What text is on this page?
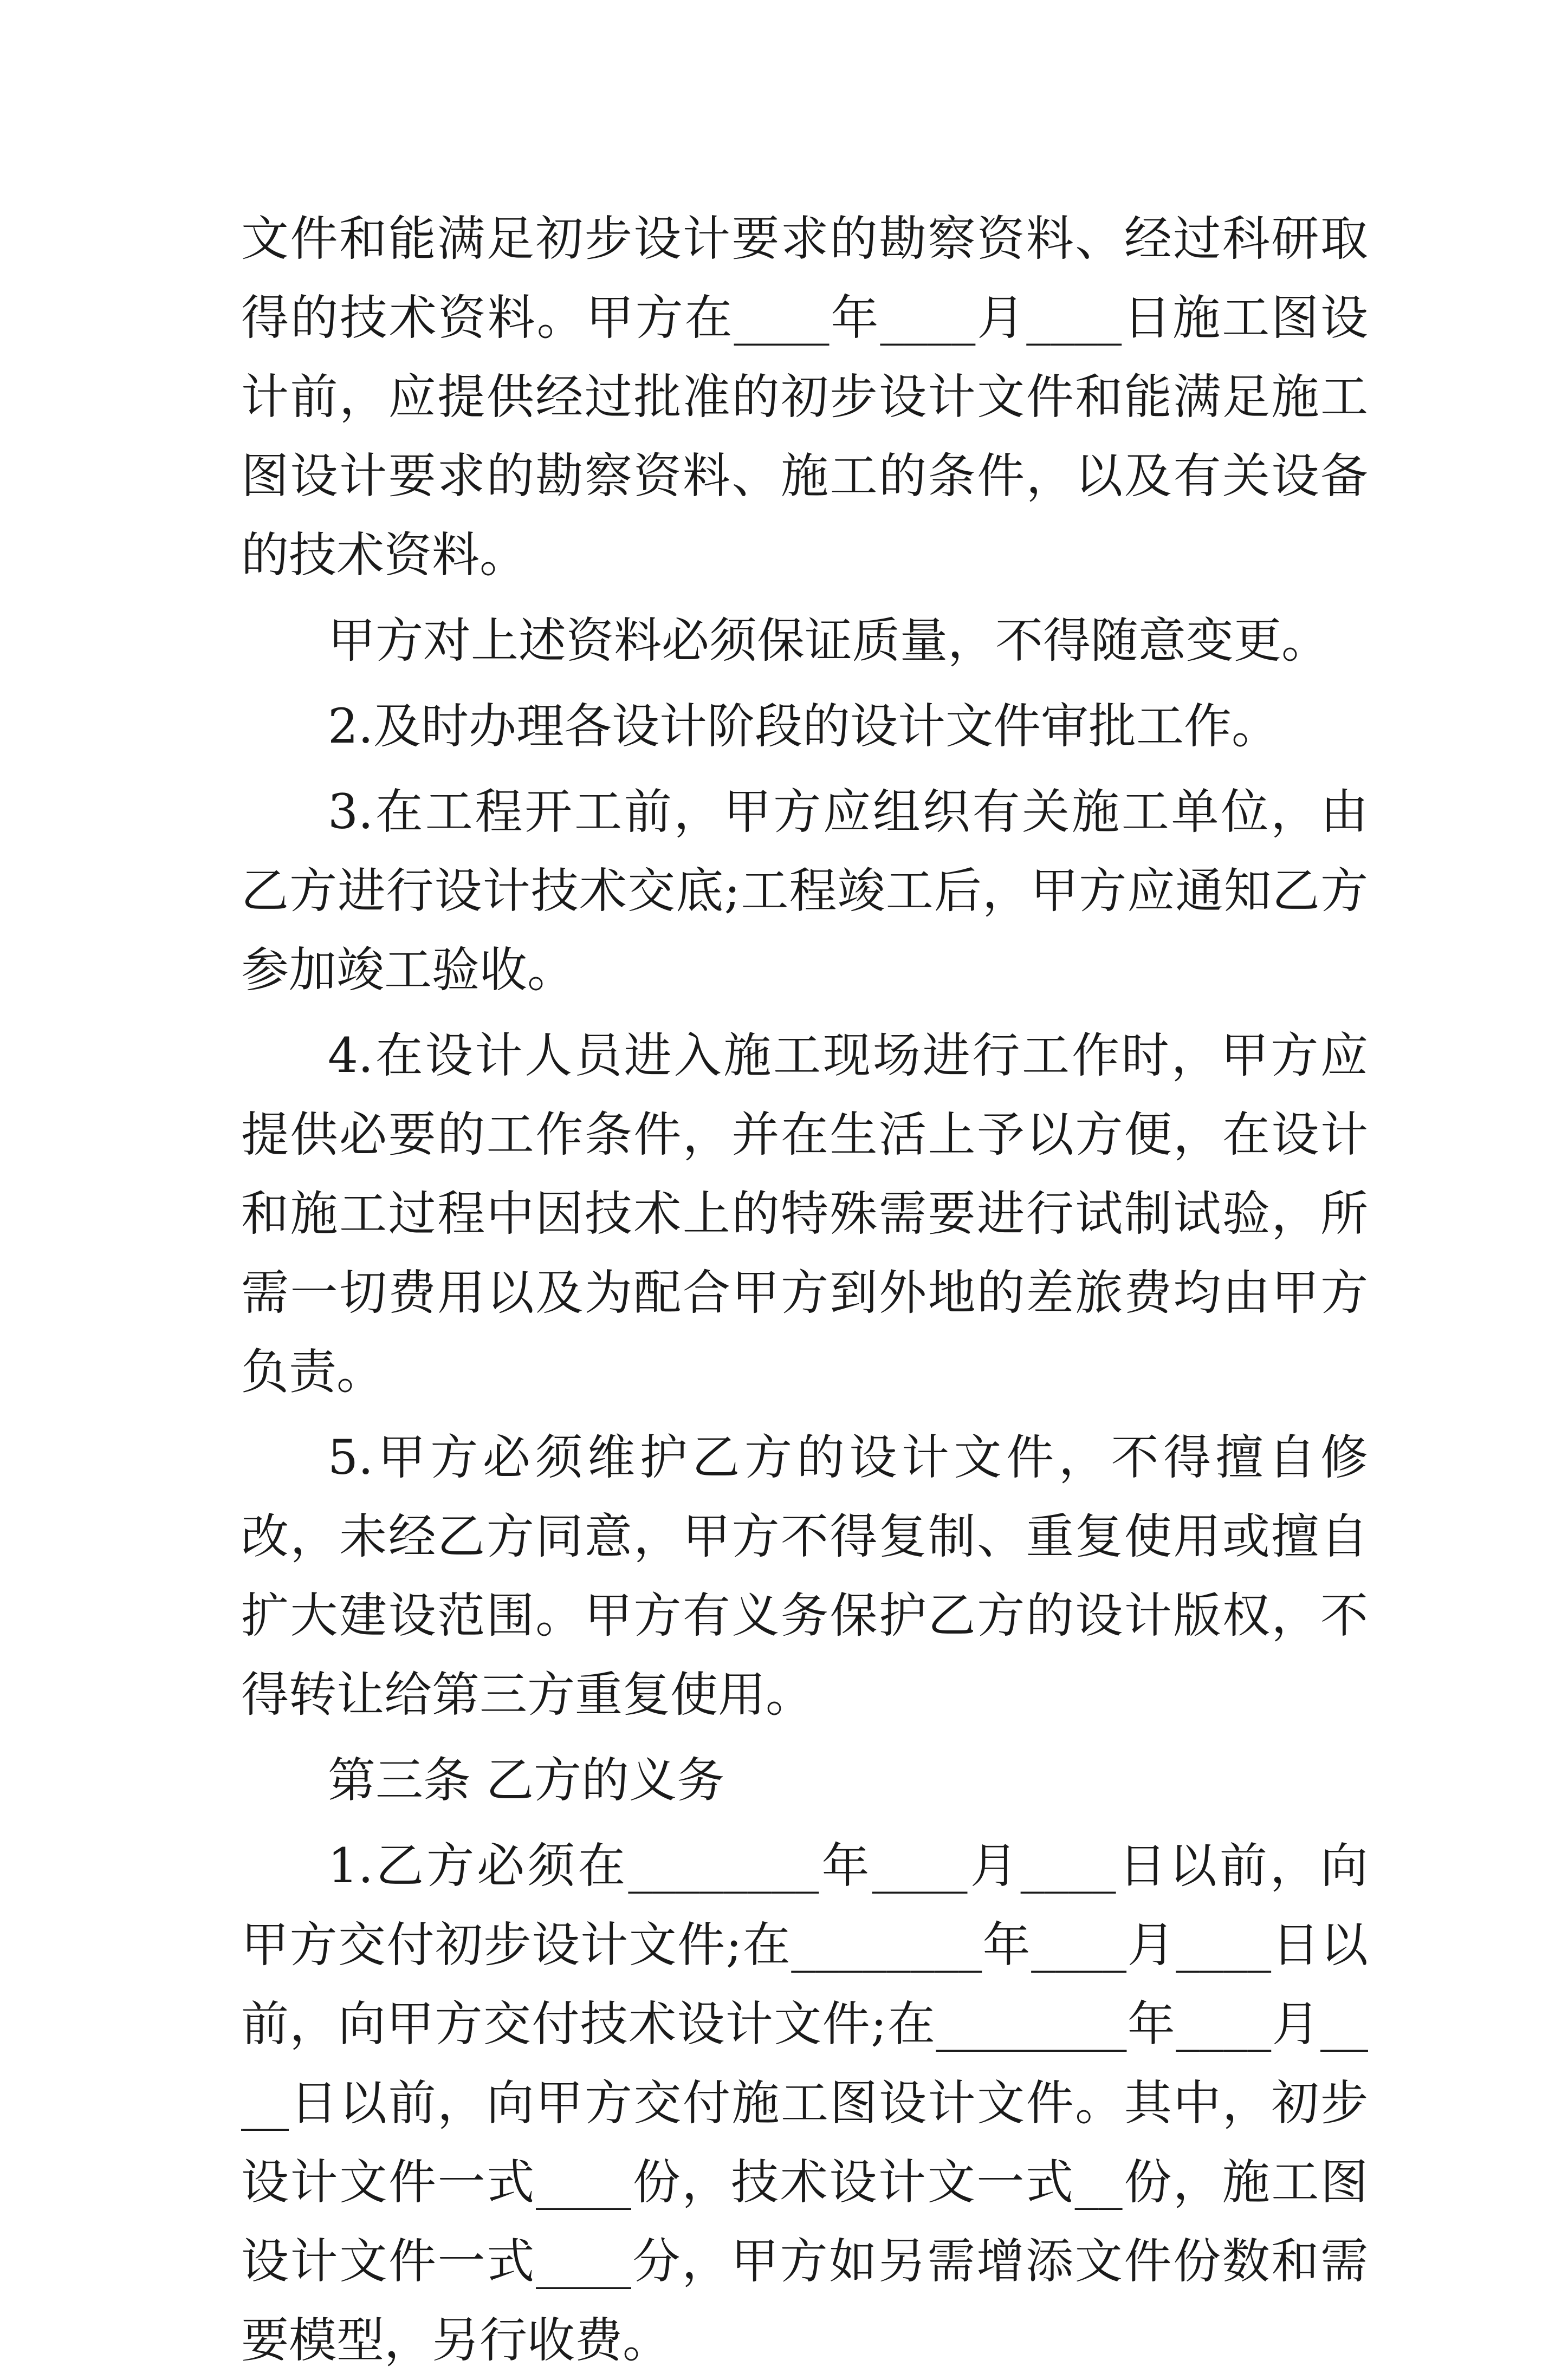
文件和能满足初步设计要求的勘察资料、经过科研取得的技术资料。甲方在____年____月____日施工图设计前，应提供经过批准的初步设计文件和能满足施工图设计要求的勘察资料、施工的条件，以及有关设备的技术资料。

甲方对上述资料必须保证质量，不得随意变更。

2.及时办理各设计阶段的设计文件审批工作。

3.在工程开工前，甲方应组织有关施工单位，由乙方进行设计技术交底;工程竣工后，甲方应通知乙方参加竣工验收。

4.在设计人员进入施工现场进行工作时，甲方应提供必要的工作条件，并在生活上予以方便，在设计和施工过程中因技术上的特殊需要进行试制试验，所需一切费用以及为配合甲方到外地的差旅费均由甲方负责。

5.甲方必须维护乙方的设计文件，不得擅自修改，未经乙方同意，甲方不得复制、重复使用或擅自扩大建设范围。甲方有义务保护乙方的设计版权，不得转让给第三方重复使用。

第三条 乙方的义务

1.乙方必须在________年____月____日以前，向甲方交付初步设计文件;在________年____月____日以前，向甲方交付技术设计文件;在________年____月____日以前，向甲方交付施工图设计文件。其中，初步设计文件一式____份，技术设计文一式__份，施工图设计文件一式____分，甲方如另需增添文件份数和需要模型，另行收费。
